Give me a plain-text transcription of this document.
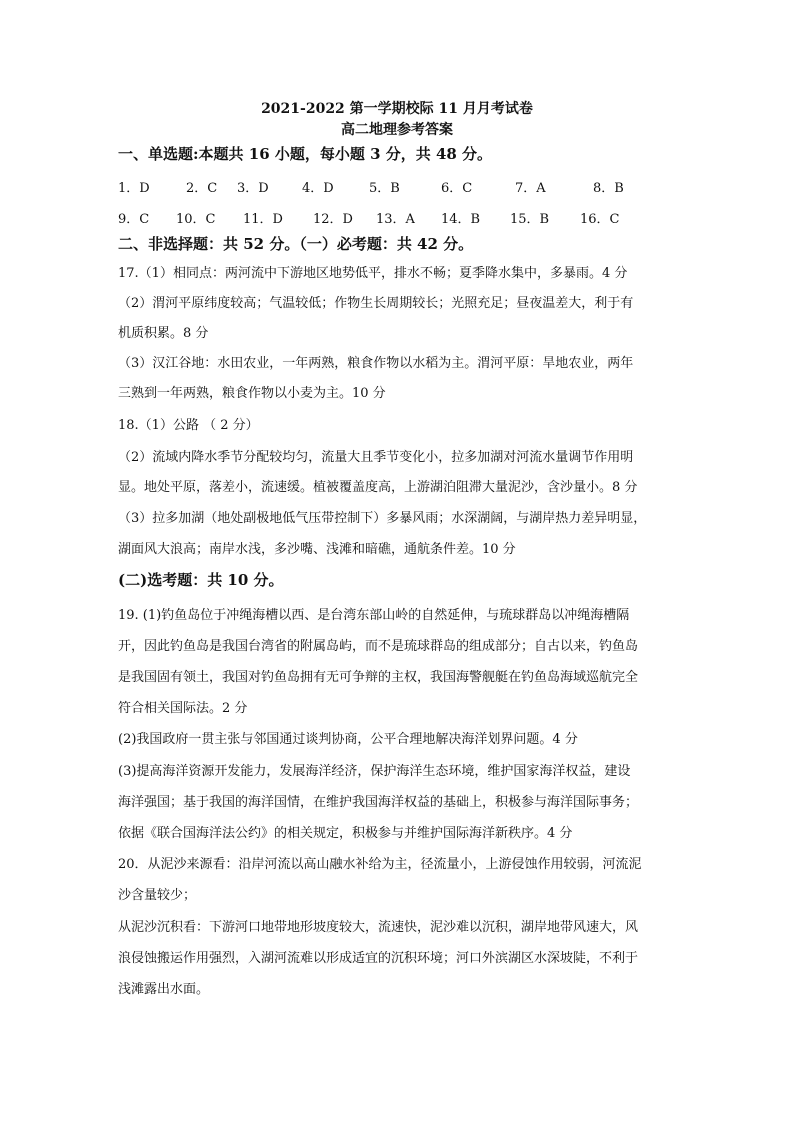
2021-2022 第一学期校际 11 月月考试卷
高二地理参考答案
一、单选题:本题共 16 小题，每小题 3 分，共 48 分。
1．D	2．C 3．D	4．D	5．B	6．C	7．A	8．B
9．C 10．C 11．D 12．D 13．A 14．B 15．B 16．C
二、非选择题：共 52 分。（一）必考题：共 42 分。
17.（1）相同点：两河流中下游地区地势低平，排水不畅；夏季降水集中，多暴雨。4 分
（2）渭河平原纬度较高；气温较低；作物生长周期较长；光照充足；昼夜温差大，利于有
机质积累。8 分
（3）汉江谷地：水田农业，一年两熟，粮食作物以水稻为主。渭河平原：旱地农业，两年
三熟到一年两熟，粮食作物以小麦为主。10 分
18.（1）公路 （ 2 分）
（2）流域内降水季节分配较均匀，流量大且季节变化小，拉多加湖对河流水量调节作用明
显。地处平原，落差小，流速缓。植被覆盖度高，上游湖泊阻滞大量泥沙，含沙量小。8 分
（3）拉多加湖（地处副极地低气压带控制下）多暴风雨；水深湖阔，与湖岸热力差异明显，
湖面风大浪高；南岸水浅，多沙嘴、浅滩和暗礁，通航条件差。10 分
(二)选考题：共 10 分。
19. (1)钓鱼岛位于冲绳海槽以西、是台湾东部山岭的自然延伸，与琉球群岛以冲绳海槽隔
开，因此钓鱼岛是我国台湾省的附属岛屿，而不是琉球群岛的组成部分；自古以来，钓鱼岛
是我国固有领土，我国对钓鱼岛拥有无可争辩的主权，我国海警舰艇在钓鱼岛海域巡航完全
符合相关国际法。2 分
(2)我国政府一贯主张与邻国通过谈判协商，公平合理地解决海洋划界问题。4 分
(3)提高海洋资源开发能力，发展海洋经济，保护海洋生态环境，维护国家海洋权益，建设
海洋强国；基于我国的海洋国情，在维护我国海洋权益的基础上，积极参与海洋国际事务；
依据《联合国海洋法公约》的相关规定，积极参与并维护国际海洋新秩序。4 分
20．从泥沙来源看：沿岸河流以高山融水补给为主，径流量小，上游侵蚀作用较弱，河流泥
沙含量较少；
从泥沙沉积看：下游河口地带地形坡度较大，流速快，泥沙难以沉积，湖岸地带风速大，风
浪侵蚀搬运作用强烈，入湖河流难以形成适宜的沉积环境；河口外滨湖区水深坡陡，不利于
浅滩露出水面。
